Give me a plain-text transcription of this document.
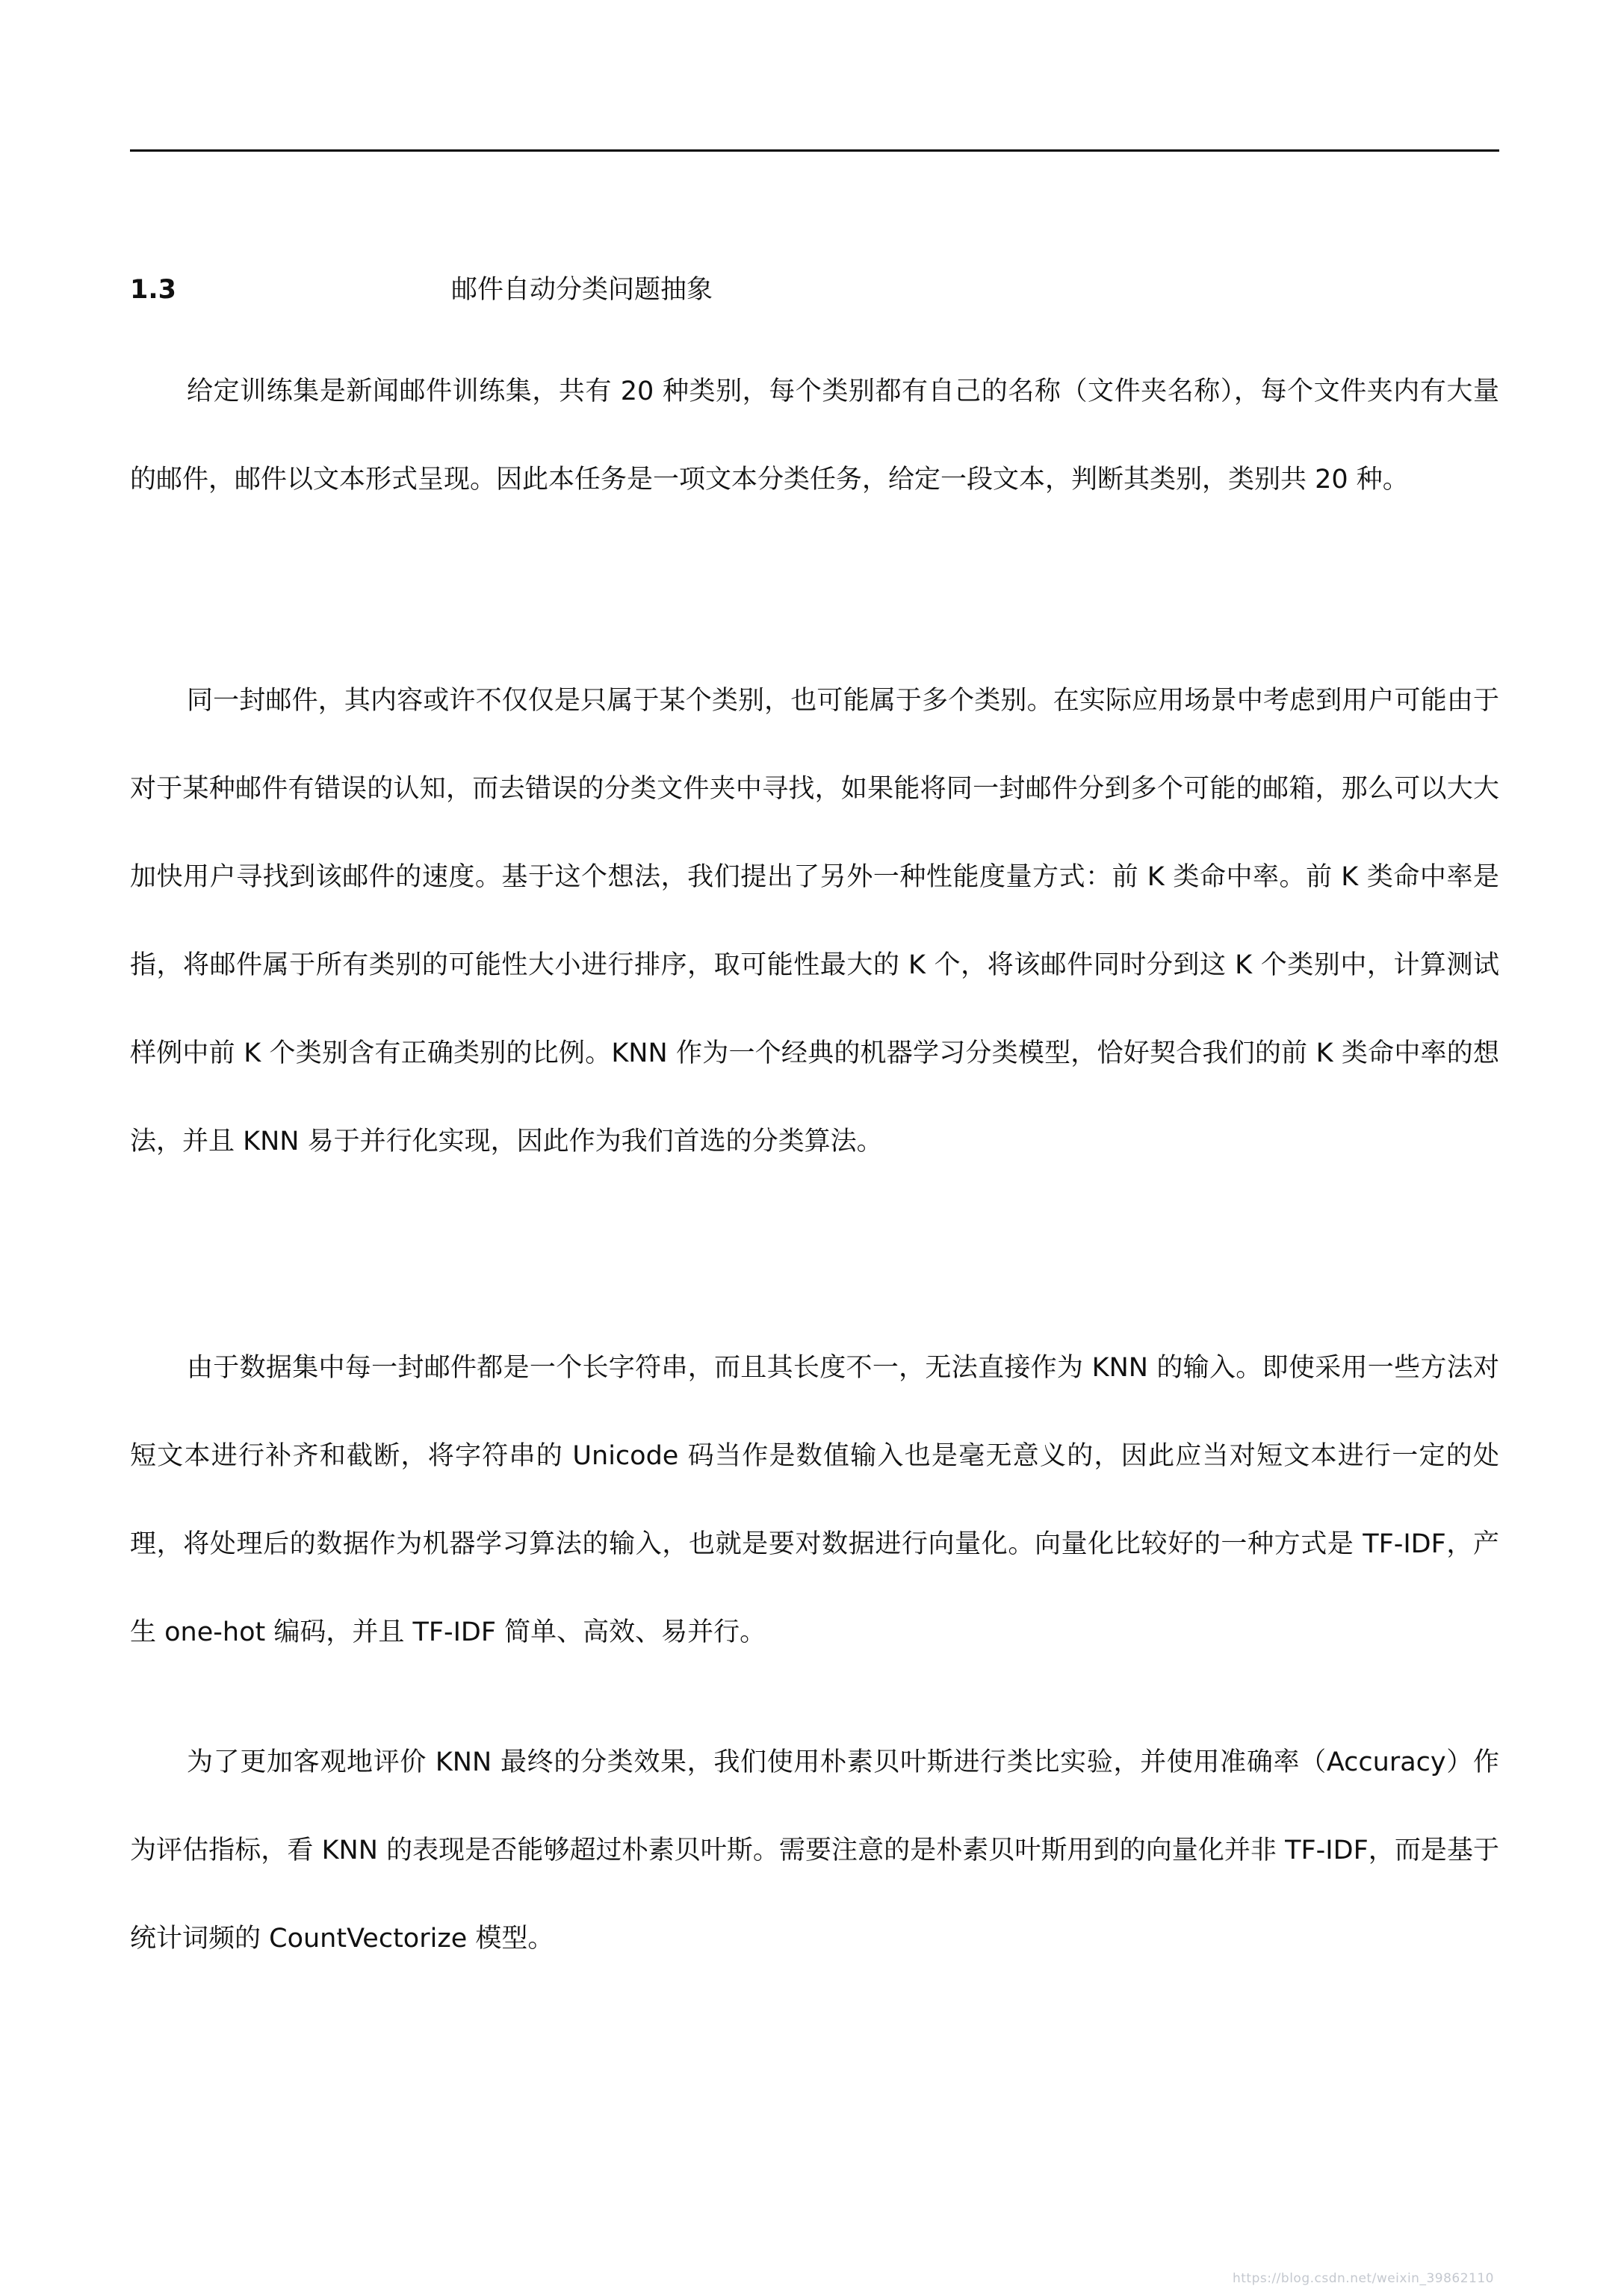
1.3	邮件自动分类问题抽象

给定训练集是新闻邮件训练集，共有 20 种类别，每个类别都有自己的名称（文件夹名称），每个文件夹内有大量的邮件，邮件以文本形式呈现。因此本任务是一项文本分类任务，给定一段文本，判断其类别，类别共 20 种。

同一封邮件，其内容或许不仅仅是只属于某个类别，也可能属于多个类别。在实际应用场景中考虑到用户可能由于对于某种邮件有错误的认知，而去错误的分类文件夹中寻找，如果能将同一封邮件分到多个可能的邮箱，那么可以大大加快用户寻找到该邮件的速度。基于这个想法，我们提出了另外一种性能度量方式：前 K 类命中率。前 K 类命中率是指，将邮件属于所有类别的可能性大小进行排序，取可能性最大的 K 个，将该邮件同时分到这 K 个类别中，计算测试样例中前 K 个类别含有正确类别的比例。KNN 作为一个经典的机器学习分类模型，恰好契合我们的前 K 类命中率的想法，并且 KNN 易于并行化实现，因此作为我们首选的分类算法。

由于数据集中每一封邮件都是一个长字符串，而且其长度不一，无法直接作为 KNN 的输入。即使采用一些方法对短文本进行补齐和截断，将字符串的 Unicode 码当作是数值输入也是毫无意义的，因此应当对短文本进行一定的处理，将处理后的数据作为机器学习算法的输入，也就是要对数据进行向量化。向量化比较好的一种方式是 TF-IDF，产生 one-hot 编码，并且 TF-IDF 简单、高效、易并行。

为了更加客观地评价 KNN 最终的分类效果，我们使用朴素贝叶斯进行类比实验，并使用准确率（Accuracy）作为评估指标，看 KNN 的表现是否能够超过朴素贝叶斯。需要注意的是朴素贝叶斯用到的向量化并非 TF-IDF，而是基于统计词频的 CountVectorize 模型。

https://blog.csdn.net/weixin_39862110
